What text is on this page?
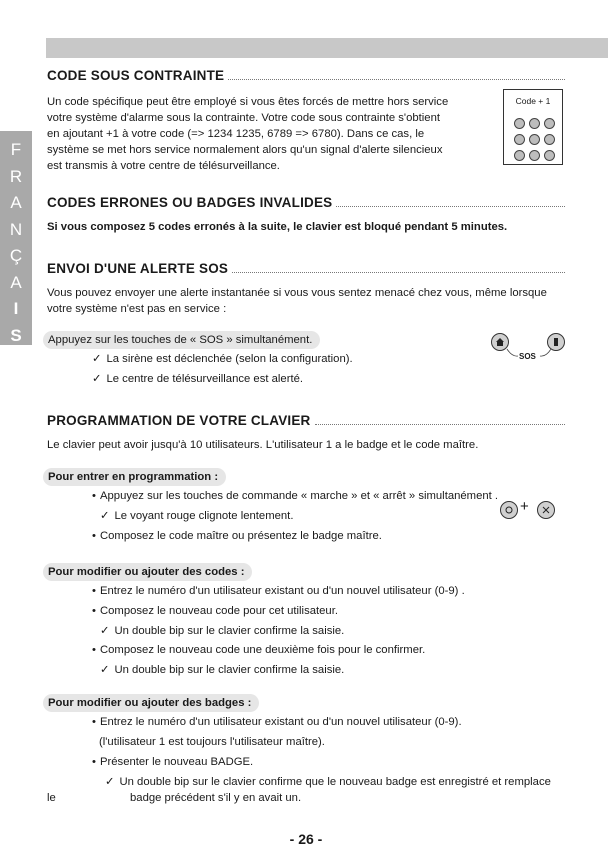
F
R
A
N
Ç
A
I
S
CODE SOUS CONTRAINTE
Un code spécifique peut être employé si vous êtes forcés de mettre hors service
votre système d'alarme sous la contrainte. Votre code sous contrainte s'obtient
en ajoutant +1 à votre code (=> 1234 1235, 6789 => 6780). Dans ce cas, le
système se met hors service normalement alors qu'un signal d'alerte silencieux
est transmis à votre centre de télésurveillance.
Code + 1
CODES ERRONES OU BADGES INVALIDES
Si vous composez 5 codes erronés à la suite, le clavier est bloqué pendant 5 minutes.
ENVOI D'UNE ALERTE SOS
Vous pouvez envoyer une alerte instantanée si vous vous sentez menacé chez vous, même lorsque
votre système n'est pas en service :
Appuyez sur les touches de « SOS » simultanément.
✓ La sirène est déclenchée (selon la configuration).
✓ Le centre de télésurveillance est alerté.
SOS
PROGRAMMATION DE VOTRE CLAVIER
Le clavier peut avoir jusqu'à 10 utilisateurs. L'utilisateur 1 a le badge et le code maître.
Pour entrer en programmation :
• Appuyez sur les touches de commande « marche » et « arrêt » simultanément .
✓ Le voyant rouge clignote lentement.
• Composez le code maître ou présentez le badge maître.
+
Pour modifier ou ajouter des codes :
• Entrez le numéro d'un utilisateur existant ou d'un nouvel utilisateur (0-9) .
• Composez le nouveau code pour cet utilisateur.
✓ Un double bip sur le clavier confirme la saisie.
• Composez le nouveau code une deuxième fois pour le confirmer.
✓ Un double bip sur le clavier confirme la saisie.
Pour modifier ou ajouter des badges :
• Entrez le numéro d'un utilisateur existant ou d'un nouvel utilisateur (0-9).
(l'utilisateur 1 est toujours l'utilisateur maître).
• Présenter le nouveau BADGE.
✓ Un double bip sur le clavier confirme que le nouveau badge est enregistré et remplace
le	badge précédent s'il y en avait un.
- 26 -
